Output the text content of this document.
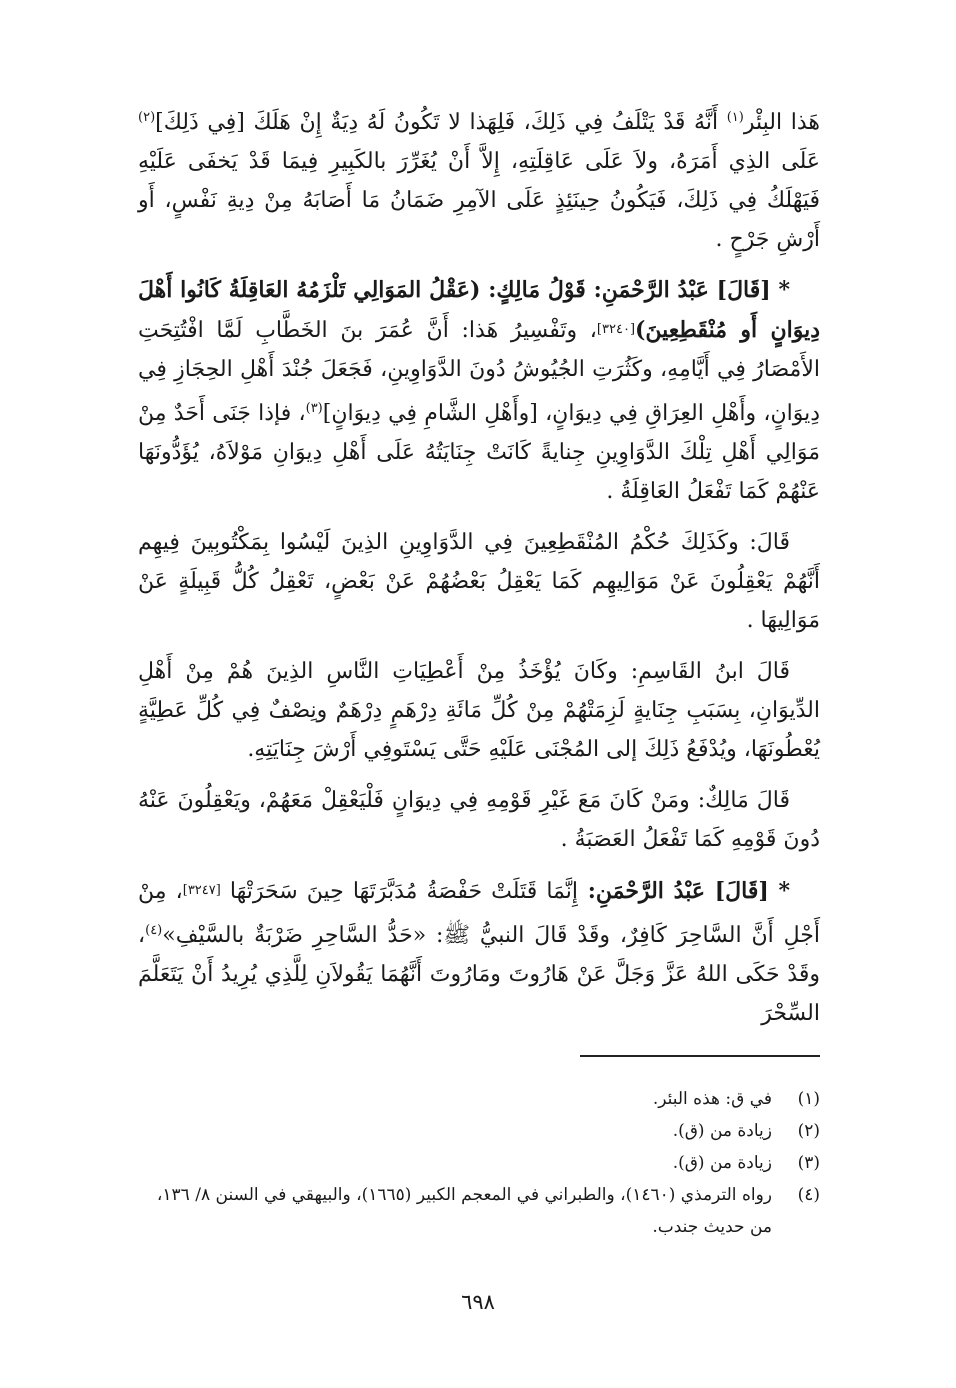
هَذا البِئْر$^{(١)}$ أَنَّهُ قَدْ يَتْلَفُ فِي ذَلِكَ، فَلِهَذا لا تَكُونُ لَهُ دِيَةٌ إِنْ هَلَكَ [فِي ذَلِكَ]$^{(٢)}$ عَلَى الذِي أَمَرَهُ، ولاَ عَلَى عَاقِلَتِهِ، إِلاَّ أَنْ يُغَرِّرَ بالكَبِيرِ فِيمَا قَدْ يَخفَى عَلَيْهِ فَيَهْلَكُ فِي ذَلِكَ، فَيَكُونُ حِينَئِذٍ عَلَى الآمِرِ ضَمَانُ مَا أَصَابَهُ مِنْ دِيةِ نَفْسٍ، أَو أَرْشِ جَرْحٍ .

* [قَالَ] عَبْدُ الرَّحْمَنِ: قَوْلُ مَالِكٍ: (عَقْلُ المَوَالِي تَلْزَمُهُ العَاقِلَةُ كَانُوا أَهْلَ دِيوَانٍ أَو مُنْقَطِعِينَ)[٣٢٤٠]، وتَفْسِيرُ هَذا: أَنَّ عُمَرَ بنَ الخَطَّابِ لَمَّا افْتُتِحَتِ الأَمْصَارُ فِي أَيَّامِهِ، وكَثُرَتِ الجُيُوشُ دُونَ الدَّوَاوِينِ، فَجَعَلَ جُنْدَ أَهْلِ الحِجَازِ فِي دِيوَانٍ، وأَهْلِ العِرَاقِ فِي دِيوَانٍ، [وأَهْلِ الشَّامِ فِي دِيوَانٍ]$^{(٣)}$، فإذا جَنَى أَحَدٌ مِنْ مَوَالِي أَهْلِ تِلْكَ الدَّوَاوِينِ جِنايةً كَانَتْ جِنَايَتُهُ عَلَى أَهْلِ دِيوَانِ مَوْلاَهُ، يُؤَدُّونَهَا عَنْهُمْ كَمَا تَفْعَلُ العَاقِلَةُ .

قَالَ: وكَذَلِكَ حُكْمُ المُنْقَطِعِينَ فِي الدَّوَاوِينِ الذِينَ لَيْسُوا بِمَكْتُوبِينَ فِيهِم أَنَّهُمْ يَعْقِلُونَ عَنْ مَوَالِيهِم كَمَا يَعْقِلُ بَعْضُهُمْ عَنْ بَعْضٍ، تَعْقِلُ كُلُّ قَبِيلَةٍ عَنْ مَوَالِيهَا .

قَالَ ابنُ القَاسِمِ: وكَانَ يُؤْخَذُ مِنْ أَعْطِيَاتِ النَّاسِ الذِينَ هُمْ مِنْ أَهْلِ الدِّيوَانِ، بِسَبَبِ جِنَايةٍ لَزِمَتْهُمْ مِنْ كُلِّ مَائَةِ دِرْهَمٍ دِرْهَمٌ ونِصْفٌ فِي كُلِّ عَطِيَّةٍ يُعْطُونَهَا، ويُدْفَعُ ذَلِكَ إلى المُجْنَى عَلَيْهِ حَتَّى يَسْتَوفِي أَرْشَ جِنَايَتِهِ.

قَالَ مَالِكٌ: ومَنْ كَانَ مَعَ غَيْرِ قَوْمِهِ فِي دِيوَانٍ فَلْيَعْقِلْ مَعَهُمْ، ويَعْقِلُونَ عَنْهُ دُونَ قَوْمِهِ كَمَا تَفْعَلُ العَصَبَةُ .

* [قَالَ] عَبْدُ الرَّحْمَنِ: إِنَّمَا قَتَلَتْ حَفْصَةُ مُدَبَّرَتَهَا حِينَ سَحَرَتْهَا [٣٢٤٧]، مِنْ أَجْلِ أَنَّ السَّاحِرَ كَافِرٌ، وقَدْ قَالَ النبيُّ ﷺ: «حَدُّ السَّاحِرِ ضَرْبَةٌ بالسَّيْفِ»$^{(٤)}$، وقَدْ حَكَى اللهُ عَزَّ وَجَلَّ عَنْ هَارُوتَ ومَارُوتَ أَنَّهُمَا يَقُولاَنِ لِلَّذِي يُرِيدُ أَنْ يَتَعَلَّمَ السِّحْرَ

(١)
في ق: هذه البئر.

(٢)
زيادة من (ق).

(٣)
زيادة من (ق).

(٤)
رواه الترمذي (١٤٦٠)، والطبراني في المعجم الكبير (١٦٦٥)، والبيهقي في السنن ٨/ ١٣٦، من حديث جندب.

٦٩٨
